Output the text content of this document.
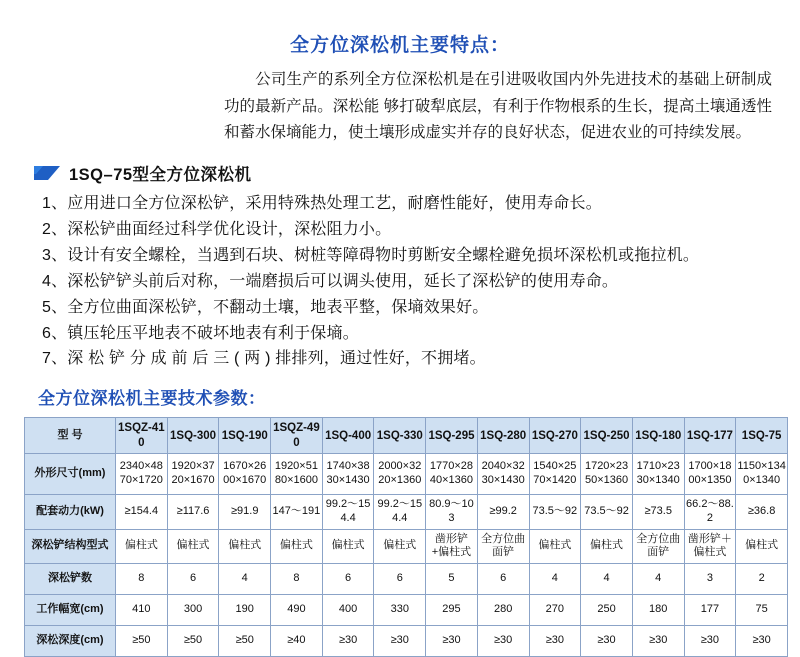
全方位深松机主要特点：

公司生产的系列全方位深松机是在引进吸收国内外先进技术的基础上研制成功的最新产品。深松能 够打破犁底层，有利于作物根系的生长，提高土壤通透性和蓄水保墒能力，使土壤形成虚实并存的良好状态，促进农业的可持续发展。

1SQ–75型全方位深松机
1、应用进口全方位深松铲，采用特殊热处理工艺，耐磨性能好，使用寿命长。
2、深松铲曲面经过科学优化设计，深松阻力小。
3、设计有安全螺栓，当遇到石块、树桩等障碍物时剪断安全螺栓避免损坏深松机或拖拉机。
4、深松铲铲头前后对称，一端磨损后可以调头使用，延长了深松铲的使用寿命。
5、全方位曲面深松铲，不翻动土壤，地表平整，保墒效果好。
6、镇压轮压平地表不破坏地表有利于保墒。
7、深 松 铲 分 成 前 后 三 ( 两 ) 排排列，通过性好，不拥堵。
全方位深松机主要技术参数：
型 号	1SQZ-410	1SQ-300	1SQ-190	1SQZ-490	1SQ-400	1SQ-330	1SQ-295	1SQ-280	1SQ-270	1SQ-250	1SQ-180	1SQ-177	1SQ-75
外形尺寸(mm)	2340×4870×1720	1920×3720×1670	1670×2600×1670	1920×5180×1600	1740×3830×1430	2000×3220×1360	1770×2840×1360	2040×3230×1430	1540×2570×1420	1720×2350×1360	1710×2330×1340	1700×1800×1350	1150×1340×1340
配套动力(kW)	≥154.4	≥117.6	≥91.9	147～191	99.2～154.4	99.2～154.4	80.9～103	≥99.2	73.5～92	73.5～92	≥73.5	66.2～88.2	≥36.8
深松铲结构型式	偏柱式	偏柱式	偏柱式	偏柱式	偏柱式	偏柱式	凿形铲+偏柱式	全方位曲面铲	偏柱式	偏柱式	全方位曲面铲	凿形铲＋偏柱式	偏柱式
深松铲数	8	6	4	8	6	6	5	6	4	4	4	3	2
工作幅宽(cm)	410	300	190	490	400	330	295	280	270	250	180	177	75
深松深度(cm)	≥50	≥50	≥50	≥40	≥30	≥30	≥30	≥30	≥30	≥30	≥30	≥30	≥30
